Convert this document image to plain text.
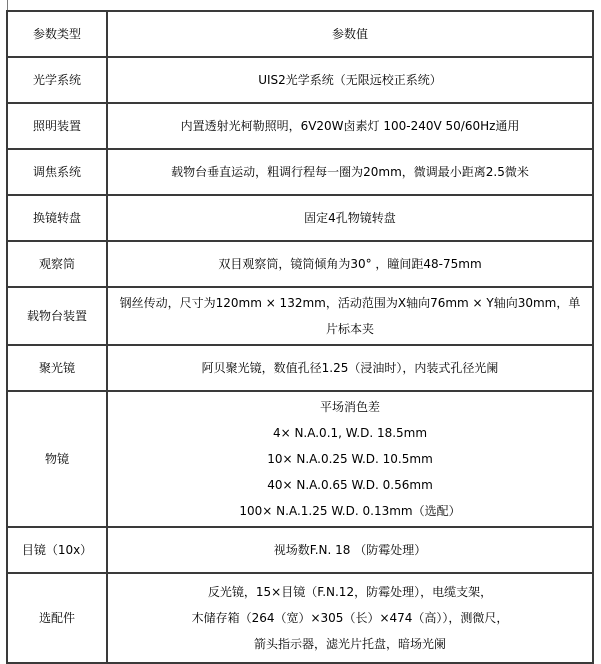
参数类型	参数值
光学系统	UIS2光学系统（无限远校正系统）

照明装置	内置透射光柯勒照明，6V20W卤素灯 100-240V 50/60Hz通用

调焦系统	载物台垂直运动，粗调行程每一圈为20mm，微调最小距离2.5微米

换镜转盘	固定4孔物镜转盘

观察筒	双目观察筒，镜筒倾角为30° ，瞳间距48-75mm

载物台装置	钢丝传动，尺寸为120mm × 132mm，活动范围为X轴向76mm × Y轴向30mm，单片标本夹

聚光镜	阿贝聚光镜，数值孔径1.25（浸油时），内装式孔径光阑

物镜	平场消色差
4× N.A.0.1, W.D. 18.5mm
10× N.A.0.25 W.D. 10.5mm
40× N.A.0.65 W.D. 0.56mm
100× N.A.1.25 W.D. 0.13mm（选配）

目镜（10x）	视场数F.N. 18 （防霉处理）

选配件	反光镜，15×目镜（F.N.12，防霉处理），电缆支架，
木储存箱（264（宽）×305（长）×474（高）），测微尺，
箭头指示器，滤光片托盘，暗场光阑
